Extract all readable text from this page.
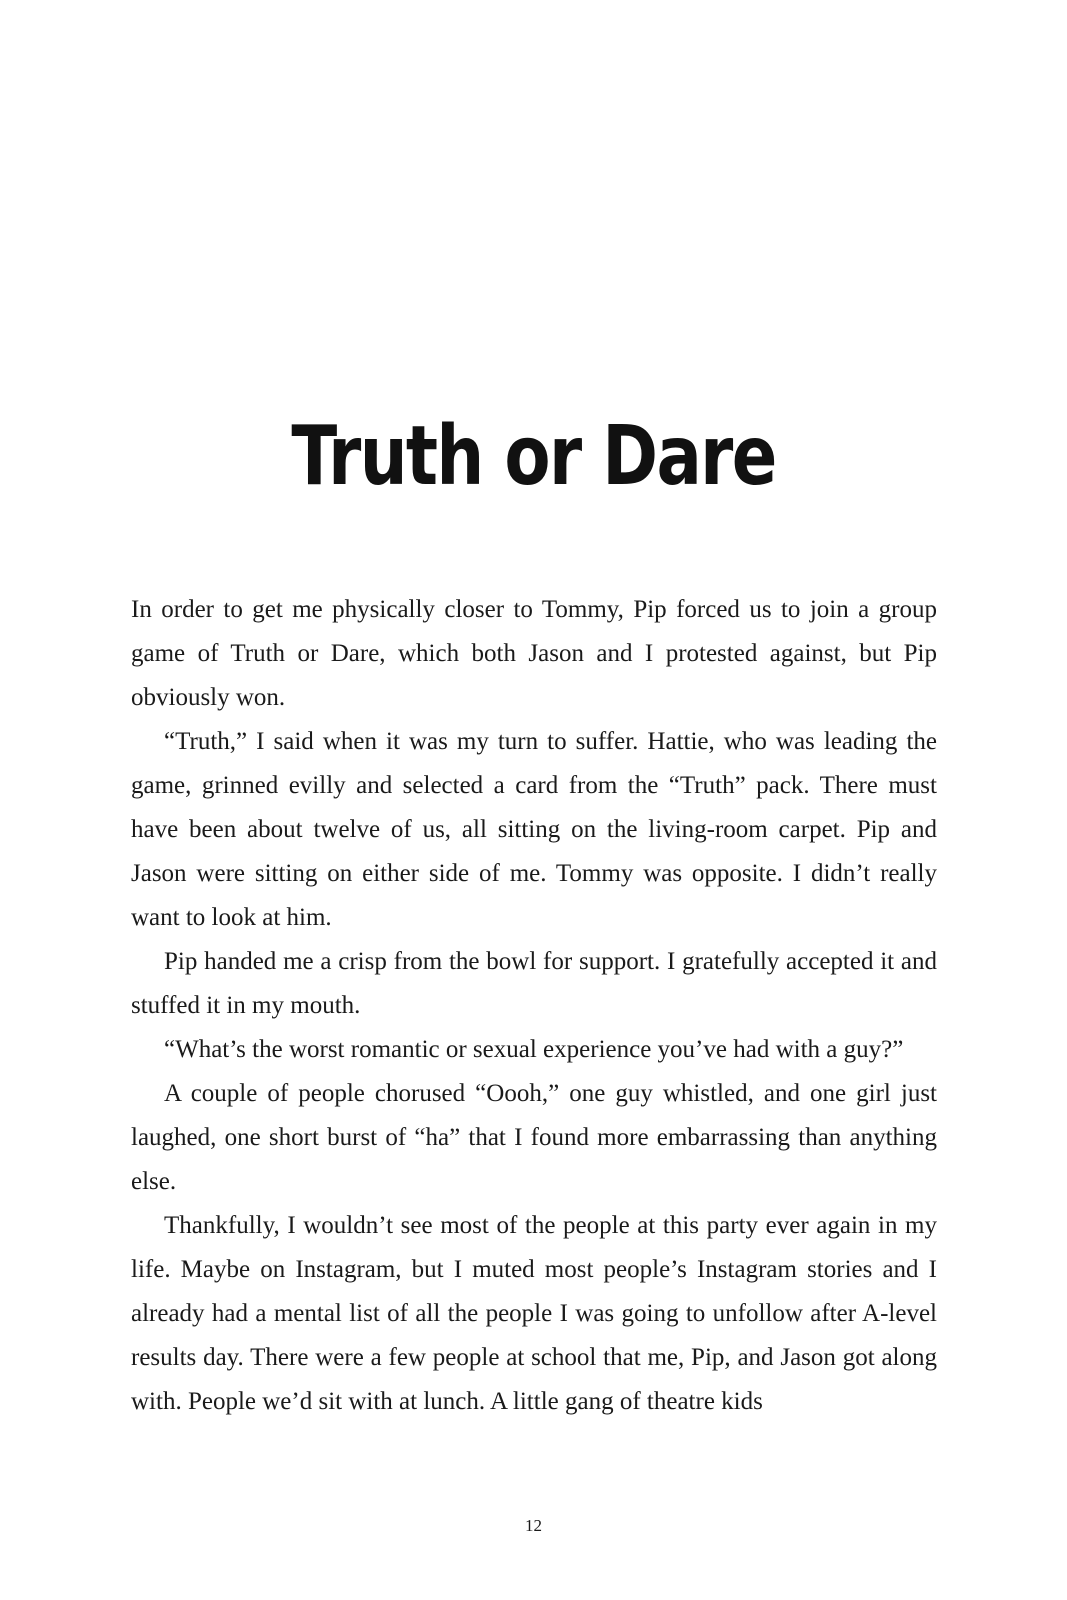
Truth or Dare

In order to get me physically closer to Tommy, Pip forced us to join a group game of Truth or Dare, which both Jason and I protested against, but Pip obviously won.

“Truth,” I said when it was my turn to suffer. Hattie, who was leading the game, grinned evilly and selected a card from the “Truth” pack. There must have been about twelve of us, all sitting on the living-room carpet. Pip and Jason were sitting on either side of me. Tommy was opposite. I didn’t really want to look at him.

Pip handed me a crisp from the bowl for support. I gratefully accepted it and stuffed it in my mouth.

“What’s the worst romantic or sexual experience you’ve had with a guy?”

A couple of people chorused “Oooh,” one guy whistled, and one girl just laughed, one short burst of “ha” that I found more embarrassing than anything else.

Thankfully, I wouldn’t see most of the people at this party ever again in my life. Maybe on Instagram, but I muted most people’s Instagram stories and I already had a mental list of all the people I was going to unfollow after A-level results day. There were a few people at school that me, Pip, and Jason got along with. People we’d sit with at lunch. A little gang of theatre kids

12
